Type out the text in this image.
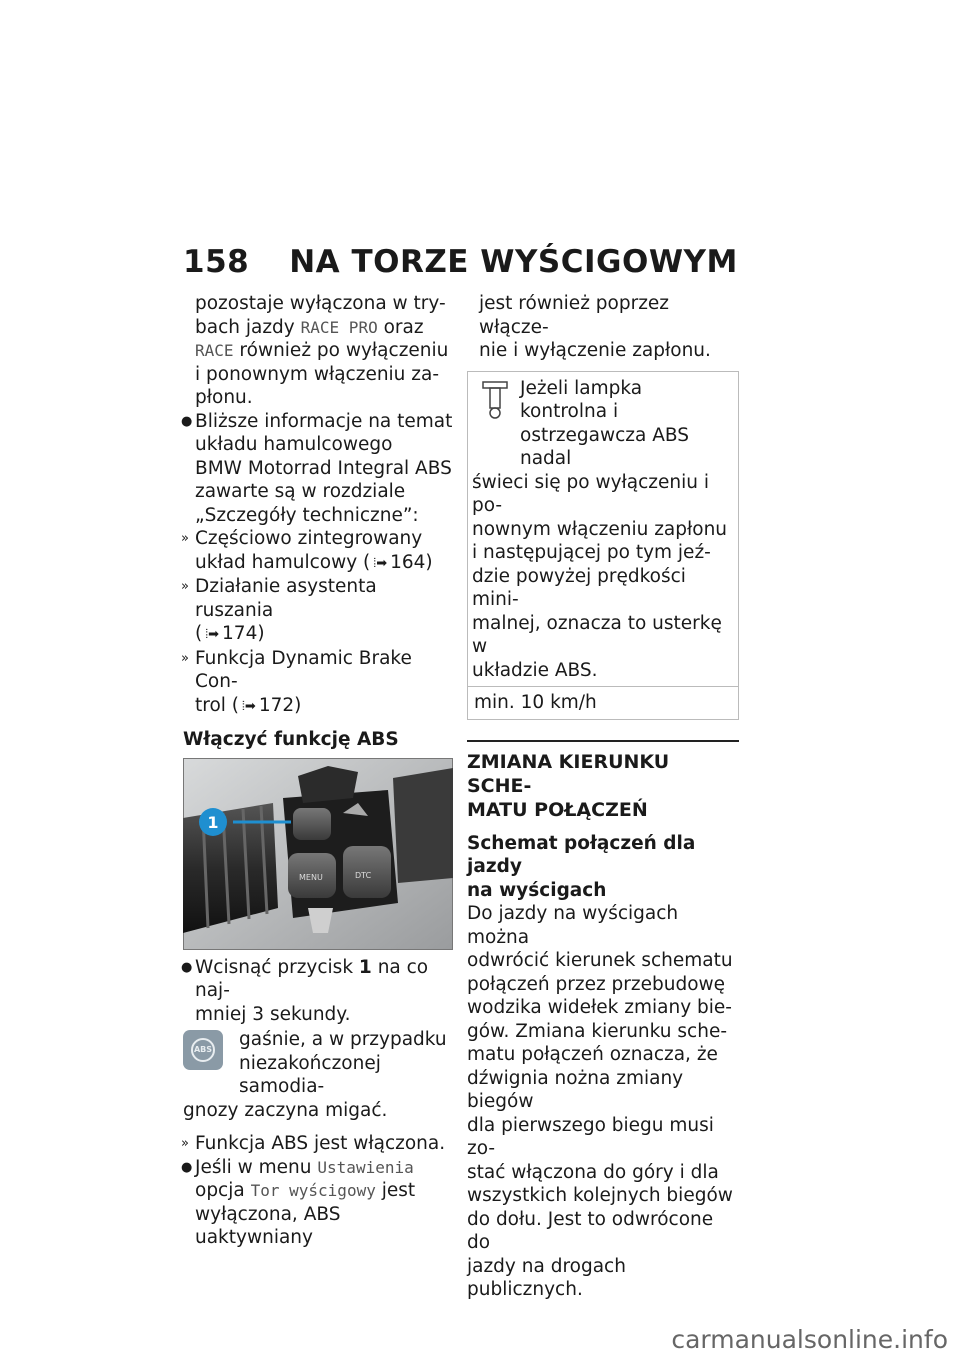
158 NA TORZE WYŚCIGOWYM

pozostaje wyłączona w try-

bach jazdy RACE PRO oraz

RACE również po wyłączeniu

i ponownym włączeniu za-

płonu.

● Bliższe informacje na temat

układu hamulcowego

BMW Motorrad Integral ABS

zawarte są w rozdziale

„Szczegóły techniczne”:

» Częściowo zintegrowany

układ hamulcowy ( ⦙➡ 164)

» Działanie asystenta ruszania

( ⦙➡ 174)

» Funkcja Dynamic Brake Con-

trol ( ⦙➡ 172)

Włączyć funkcję ABS

MENU	DTC
1
● Wcisnąć przycisk 1 na co naj-

mniej 3 sekundy.

ABS	gaśnie, a w przypadku

niezakończonej samodia-

gnozy zaczyna migać.

» Funkcja ABS jest włączona.

● Jeśli w menu Ustawienia

opcja Tor wyścigowy jest

wyłączona, ABS uaktywniany

jest również poprzez włącze-

nie i wyłączenie zapłonu.

Jeżeli lampka kontrolna i

ostrzegawcza ABS nadal

świeci się po wyłączeniu i po-

nownym włączeniu zapłonu

i następującej po tym jeź-

dzie powyżej prędkości mini-

malnej, oznacza to usterkę w

układzie ABS.

min. 10 km/h

ZMIANA KIERUNKU SCHE-

MATU POŁĄCZEŃ

Schemat połączeń dla jazdy

na wyścigach

Do jazdy na wyścigach można

odwrócić kierunek schematu

połączeń przez przebudowę

wodzika widełek zmiany bie-

gów. Zmiana kierunku sche-

matu połączeń oznacza, że

dźwignia nożna zmiany biegów

dla pierwszego biegu musi zo-

stać włączona do góry i dla

wszystkich kolejnych biegów

do dołu. Jest to odwrócone do

jazdy na drogach publicznych.

carmanualsonline.info
